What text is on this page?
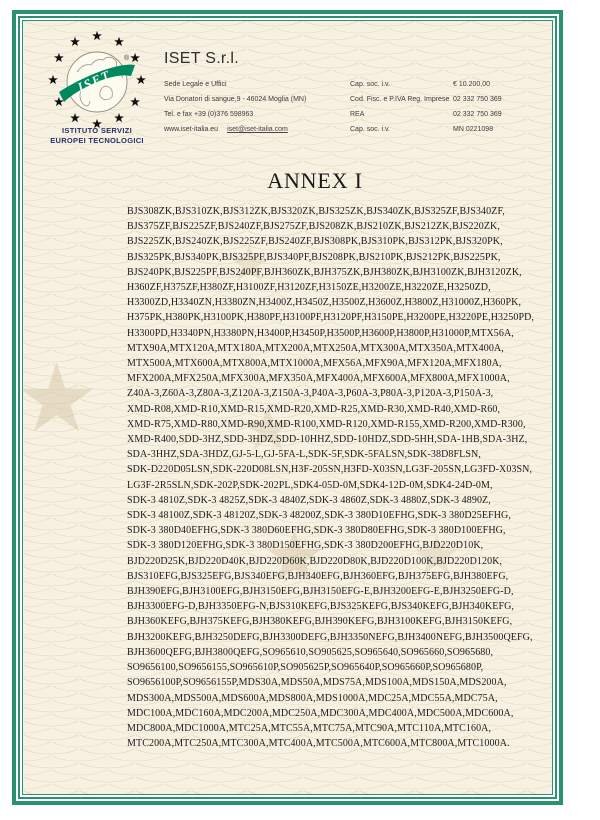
★
★
★
★ ★
ISET
®
ISTITUTO SERVIZI
EUROPEI TECNOLOGICI
ISET S.r.l.
Sede Legale e Uffici	Cap. soc. i.v.	€ 10.200,00
Via Donatori di sangue,9 - 46024 Moglia (MN)	Cod. Fisc. e P.IVA Reg. Imprese 02 332 750 369
Tel. e fax +39 (0)376 598963	REA	02 332 750 369
www.iset-italia.eu iset@iset-italia.com	Cap. soc. i.v.	MN 0221098
ANNEX I
BJS308ZK,BJS310ZK,BJS312ZK,BJS320ZK,BJS325ZK,BJS340ZK,BJS325ZF,BJS340ZF,
BJS375ZF,BJS225ZF,BJS240ZF,BJS275ZF,BJS208ZK,BJS210ZK,BJS212ZK,BJS220ZK,
BJS225ZK,BJS240ZK,BJS225ZF,BJS240ZF,BJS308PK,BJS310PK,BJS312PK,BJS320PK,
BJS325PK,BJS340PK,BJS325PF,BJS340PF,BJS208PK,BJS210PK,BJS212PK,BJS225PK,
BJS240PK,BJS225PF,BJS240PF,BJH360ZK,BJH375ZK,BJH380ZK,BJH3100ZK,BJH3120ZK,
H360ZF,H375ZF,H380ZF,H3100ZF,H3120ZF,H3150ZE,H3200ZE,H3220ZE,H3250ZD,
H3300ZD,H3340ZN,H3380ZN,H3400Z,H3450Z,H3500Z,H3600Z,H3800Z,H31000Z,H360PK,
H375PK,H380PK,H3100PK,H380PF,H3100PF,H3120PF,H3150PE,H3200PE,H3220PE,H3250PD,
H3300PD,H3340PN,H3380PN,H3400P,H3450P,H3500P,H3600P,H3800P,H31000P,MTX56A,
MTX90A,MTX120A,MTX180A,MTX200A,MTX250A,MTX300A,MTX350A,MTX400A,
MTX500A,MTX600A,MTX800A,MTX1000A,MFX56A,MFX90A,MFX120A,MFX180A,
MFX200A,MFX250A,MFX300A,MFX350A,MFX400A,MFX600A,MFX800A,MFX1000A,
Z40A-3,Z60A-3,Z80A-3,Z120A-3,Z150A-3,P40A-3,P60A-3,P80A-3,P120A-3,P150A-3,
XMD-R08,XMD-R10,XMD-R15,XMD-R20,XMD-R25,XMD-R30,XMD-R40,XMD-R60,
XMD-R75,XMD-R80,XMD-R90,XMD-R100,XMD-R120,XMD-R155,XMD-R200,XMD-R300,
XMD-R400,SDD-3HZ,SDD-3HDZ,SDD-10HHZ,SDD-10HDZ,SDD-5HH,SDA-1HB,SDA-3HZ,
SDA-3HHZ,SDA-3HDZ,GJ-5-L,GJ-5FA-L,SDK-5F,SDK-5FALSN,SDK-38D8FLSN,
SDK-D220D05LSN,SDK-220D08LSN,H3F-205SN,H3FD-X03SN,LG3F-205SN,LG3FD-X03SN,
LG3F-2R5SLN,SDK-202P,SDK-202PL,SDK4-05D-0M,SDK4-12D-0M,SDK4-24D-0M,
SDK-3 4810Z,SDK-3 4825Z,SDK-3 4840Z,SDK-3 4860Z,SDK-3 4880Z,SDK-3 4890Z,
SDK-3 48100Z,SDK-3 48120Z,SDK-3 48200Z,SDK-3 380D10EFHG,SDK-3 380D25EFHG,
SDK-3 380D40EFHG,SDK-3 380D60EFHG,SDK-3 380D80EFHG,SDK-3 380D100EFHG,
SDK-3 380D120EFHG,SDK-3 380D150EFHG,SDK-3 380D200EFHG,BJD220D10K,
BJD220D25K,BJD220D40K,BJD220D60K,BJD220D80K,BJD220D100K,BJD220D120K,
BJS310EFG,BJS325EFG,BJS340EFG,BJH340EFG,BJH360EFG,BJH375EFG,BJH380EFG,
BJH390EFG,BJH3100EFG,BJH3150EFG,BJH3150EFG-E,BJH3200EFG-E,BJH3250EFG-D,
BJH3300EFG-D,BJH3350EFG-N,BJS310KEFG,BJS325KEFG,BJS340KEFG,BJH340KEFG,
BJH360KEFG,BJH375KEFG,BJH380KEFG,BJH390KEFG,BJH3100KEFG,BJH3150KEFG,
BJH3200KEFG,BJH3250DEFG,BJH3300DEFG,BJH3350NEFG,BJH3400NEFG,BJH3500QEFG,
BJH3600QEFG,BJH3800QEFG,SO965610,SO905625,SO965640,SO965660,SO965680,
SO9656100,SO9656155,SO965610P,SO905625P,SO965640P,SO965660P,SO965680P,
SO9656100P,SO9656155P,MDS30A,MDS50A,MDS75A,MDS100A,MDS150A,MDS200A,
MDS300A,MDS500A,MDS600A,MDS800A,MDS1000A,MDC25A,MDC55A,MDC75A,
MDC100A,MDC160A,MDC200A,MDC250A,MDC300A,MDC400A,MDC500A,MDC600A,
MDC800A,MDC1000A,MTC25A,MTC55A,MTC75A,MTC90A,MTC110A,MTC160A,
MTC200A,MTC250A,MTC300A,MTC400A,MTC500A,MTC600A,MTC800A,MTC1000A.
